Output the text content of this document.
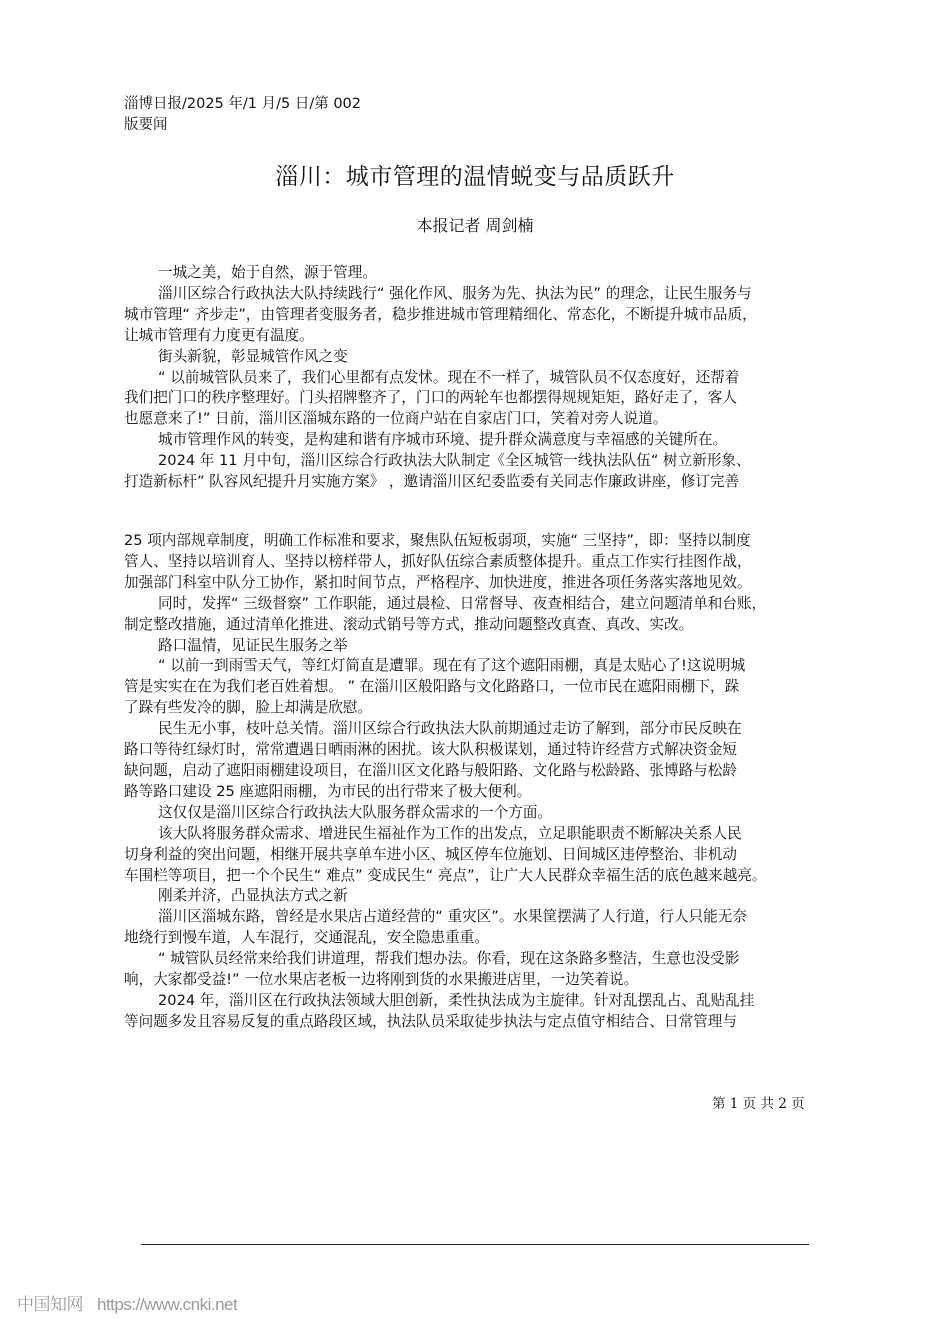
淄博日报/2025 年/1 月/5 日/第 002
版要闻
淄川：城市管理的温情蜕变与品质跃升
本报记者 周剑楠
一城之美，始于自然，源于管理。
淄川区综合行政执法大队持续践行“ 强化作风、服务为先、执法为民” 的理念，让民生服务与
城市管理“ 齐步走”，由管理者变服务者，稳步推进城市管理精细化、常态化，不断提升城市品质，
让城市管理有力度更有温度。
街头新貌，彰显城管作风之变
“ 以前城管队员来了，我们心里都有点发怵。现在不一样了，城管队员不仅态度好，还帮着
我们把门口的秩序整理好。门头招牌整齐了，门口的两轮车也都摆得规规矩矩，路好走了，客人
也愿意来了!” 日前，淄川区淄城东路的一位商户站在自家店门口，笑着对旁人说道。
城市管理作风的转变，是构建和谐有序城市环境、提升群众满意度与幸福感的关键所在。
2024 年 11 月中旬，淄川区综合行政执法大队制定《全区城管一线执法队伍“ 树立新形象、
打造新标杆” 队容风纪提升月实施方案》 ，邀请淄川区纪委监委有关同志作廉政讲座，修订完善
25 项内部规章制度，明确工作标准和要求，聚焦队伍短板弱项，实施“ 三坚持”，即：坚持以制度
管人、坚持以培训育人、坚持以榜样带人，抓好队伍综合素质整体提升。重点工作实行挂图作战，
加强部门科室中队分工协作，紧扣时间节点，严格程序、加快进度，推进各项任务落实落地见效。
同时，发挥“ 三级督察” 工作职能，通过晨检、日常督导、夜查相结合，建立问题清单和台账，
制定整改措施，通过清单化推进、滚动式销号等方式，推动问题整改真查、真改、实改。
路口温情，见证民生服务之举
“ 以前一到雨雪天气，等红灯简直是遭罪。现在有了这个遮阳雨棚，真是太贴心了!这说明城
管是实实在在为我们老百姓着想。 ” 在淄川区般阳路与文化路路口，一位市民在遮阳雨棚下，跺
了跺有些发冷的脚，脸上却满是欣慰。
民生无小事，枝叶总关情。淄川区综合行政执法大队前期通过走访了解到，部分市民反映在
路口等待红绿灯时，常常遭遇日晒雨淋的困扰。该大队积极谋划，通过特许经营方式解决资金短
缺问题，启动了遮阳雨棚建设项目，在淄川区文化路与般阳路、文化路与松龄路、张博路与松龄
路等路口建设 25 座遮阳雨棚，为市民的出行带来了极大便利。
这仅仅是淄川区综合行政执法大队服务群众需求的一个方面。
该大队将服务群众需求、增进民生福祉作为工作的出发点，立足职能职责不断解决关系人民
切身利益的突出问题，相继开展共享单车进小区、城区停车位施划、日间城区违停整治、非机动
车围栏等项目，把一个个民生“ 难点” 变成民生“ 亮点”，让广大人民群众幸福生活的底色越来越亮。
刚柔并济，凸显执法方式之新
淄川区淄城东路，曾经是水果店占道经营的“ 重灾区”。水果筐摆满了人行道，行人只能无奈
地绕行到慢车道，人车混行，交通混乱，安全隐患重重。
“ 城管队员经常来给我们讲道理，帮我们想办法。你看，现在这条路多整洁，生意也没受影
响，大家都受益!” 一位水果店老板一边将刚到货的水果搬进店里，一边笑着说。
2024 年，淄川区在行政执法领域大胆创新，柔性执法成为主旋律。针对乱摆乱占、乱贴乱挂
等问题多发且容易反复的重点路段区域，执法队员采取徒步执法与定点值守相结合、日常管理与
第 1 页 共 2 页
中国知网 https://www.cnki.net
